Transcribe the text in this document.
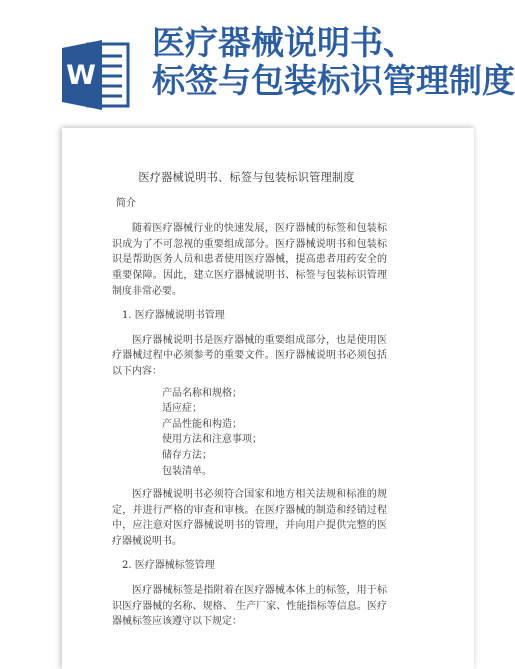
W
医疗器械说明书、
标签与包装标识管理制度
医疗器械说明书、标签与包装标识管理制度

简介

随着医疗器械行业的快速发展，医疗器械的标签和包装标识成为了不可忽视的重要组成部分。医疗器械说明书和包装标识是帮助医务人员和患者使用医疗器械，提高患者用药安全的重要保障。因此，建立医疗器械说明书、标签与包装标识管理制度非常必要。

1. 医疗器械说明书管理

医疗器械说明书是医疗器械的重要组成部分，也是使用医疗器械过程中必须参考的重要文件。医疗器械说明书必须包括以下内容：

产品名称和规格；
适应症；
产品性能和构造；
使用方法和注意事项；
储存方法；
包装清单。

医疗器械说明书必须符合国家和地方相关法规和标准的规定，并进行严格的审查和审核。在医疗器械的制造和经销过程中，应注意对医疗器械说明书的管理，并向用户提供完整的医疗器械说明书。

2. 医疗器械标签管理

医疗器械标签是指附着在医疗器械本体上的标签，用于标识医疗器械的名称、规格、 生产厂家、性能指标等信息。医疗器械标签应该遵守以下规定：
